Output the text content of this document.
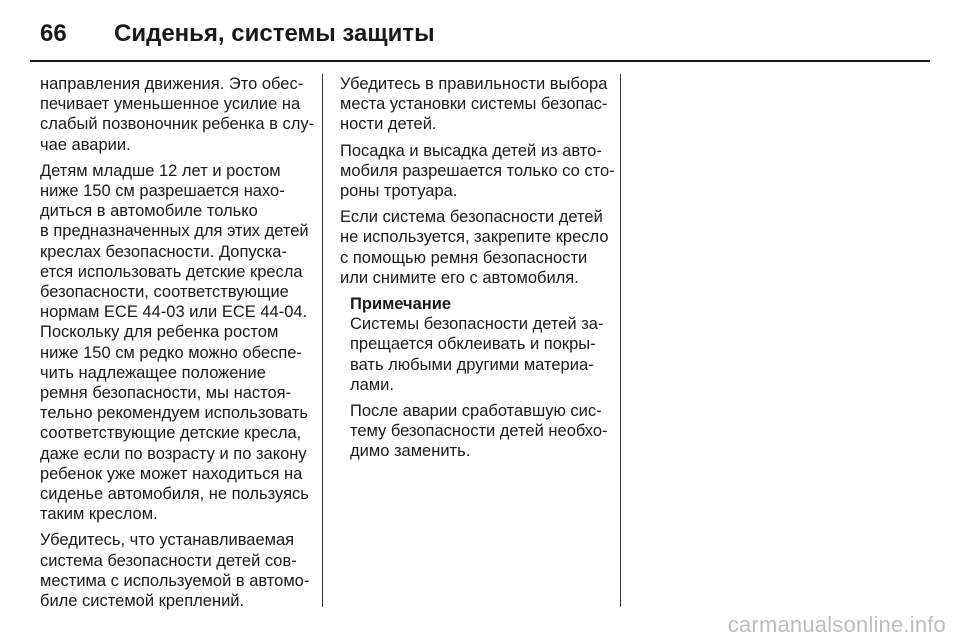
66 Сиденья, системы защиты

направления движения. Это обес-
печивает уменьшенное усилие на
слабый позвоночник ребенка в слу-
чае аварии.

Детям младше 12 лет и ростом
ниже 150 см разрешается нахо-
диться в автомобиле только
в предназначенных для этих детей
креслах безопасности. Допуска-
ется использовать детские кресла
безопасности, соответствующие
нормам ECE 44-03 или ECE 44-04.
Поскольку для ребенка ростом
ниже 150 см редко можно обеспе-
чить надлежащее положение
ремня безопасности, мы настоя-
тельно рекомендуем использовать
соответствующие детские кресла,
даже если по возрасту и по закону
ребенок уже может находиться на
сиденье автомобиля, не пользуясь
таким креслом.

Убедитесь, что устанавливаемая
система безопасности детей сов-
местима с используемой в автомо-
биле системой креплений.

Убедитесь в правильности выбора
места установки системы безопас-
ности детей.

Посадка и высадка детей из авто-
мобиля разрешается только со сто-
роны тротуара.

Если система безопасности детей
не используется, закрепите кресло
с помощью ремня безопасности
или снимите его с автомобиля.

Примечание

Системы безопасности детей за-
прещается обклеивать и покры-
вать любыми другими материа-
лами.

После аварии сработавшую сис-
тему безопасности детей необхо-
димо заменить.

carmanualsonline.info
